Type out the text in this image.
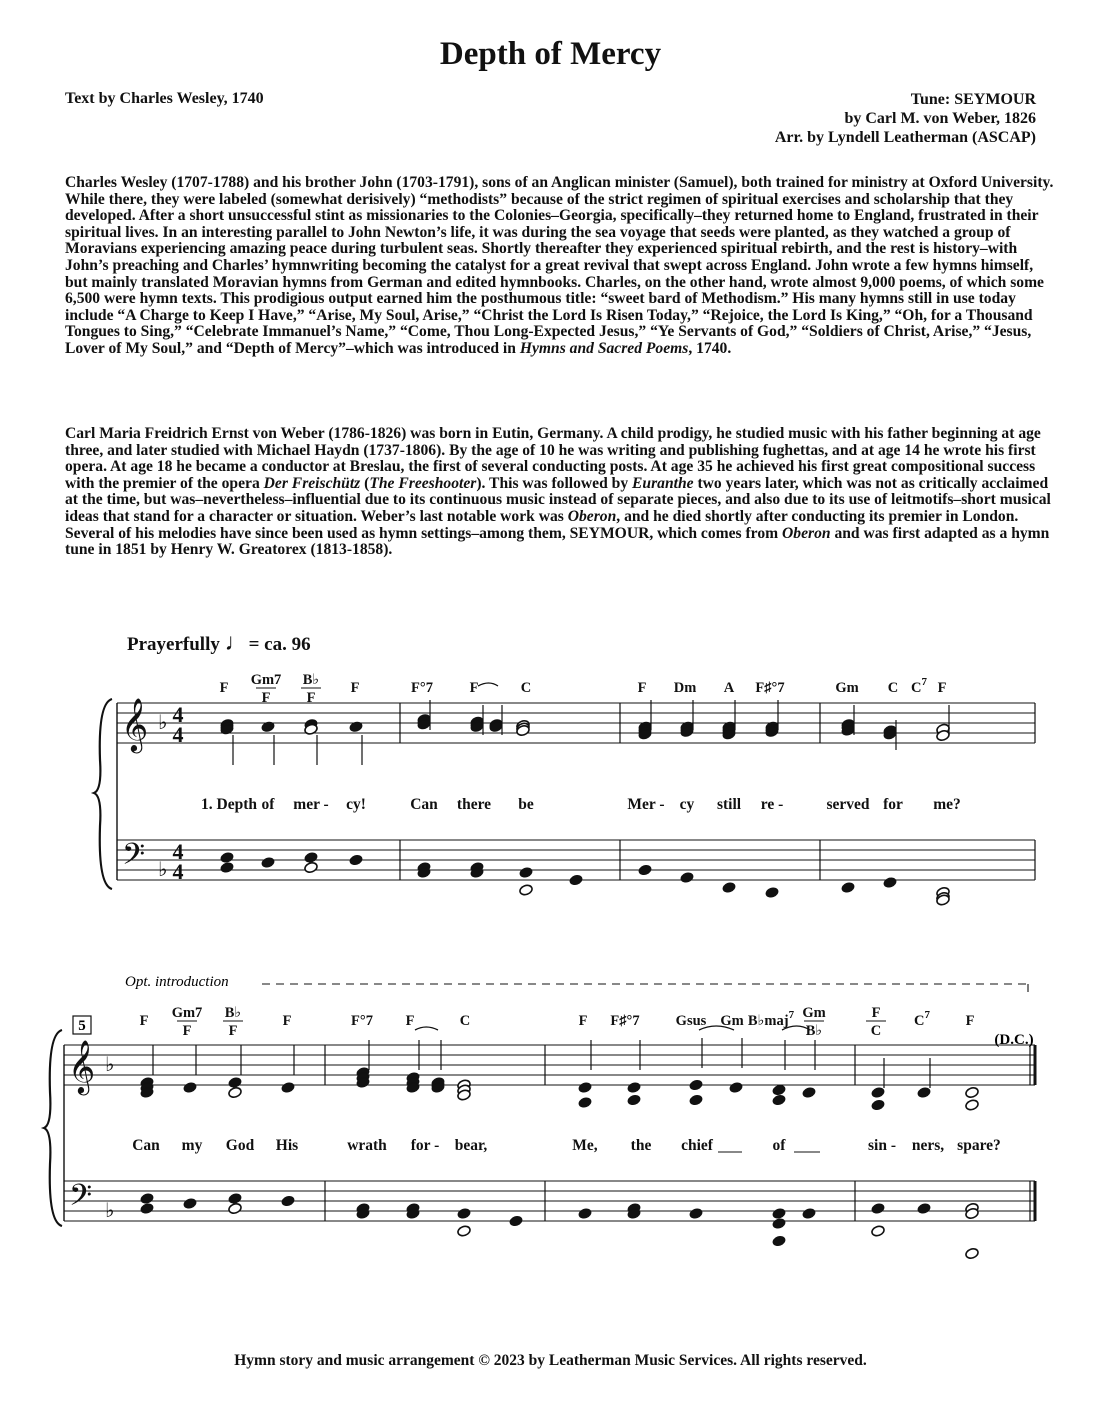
Depth of Mercy
Text by Charles Wesley, 1740	Tune: SEYMOUR
by Carl M. von Weber, 1826
Arr. by Lyndell Leatherman (ASCAP)

Charles Wesley (1707-1788) and his brother John (1703-1791), sons of an Anglican minister (Samuel), both trained for ministry at Oxford University. While there, they were labeled (somewhat derisively) “methodists” because of the strict regimen of spiritual exercises and scholarship that they developed. After a short unsuccessful stint as missionaries to the Colonies–Georgia, specifically–they returned home to England, frustrated in their spiritual lives. In an interesting parallel to John Newton’s life, it was during the sea voyage that seeds were planted, as they watched a group of Moravians experiencing amazing peace during turbulent seas. Shortly thereafter they experienced spiritual rebirth, and the rest is history–with John’s preaching and Charles’ hymnwriting becoming the catalyst for a great revival that swept across England. John wrote a few hymns himself, but mainly translated Moravian hymns from German and edited hymnbooks. Charles, on the other hand, wrote almost 9,000 poems, of which some 6,500 were hymn texts. This prodigious output earned him the posthumous title: “sweet bard of Methodism.” His many hymns still in use today include “A Charge to Keep I Have,” “Arise, My Soul, Arise,” “Christ the Lord Is Risen Today,” “Rejoice, the Lord Is King,” “Oh, for a Thousand Tongues to Sing,” “Celebrate Immanuel’s Name,” “Come, Thou Long-Expected Jesus,” “Ye Servants of God,” “Soldiers of Christ, Arise,” “Jesus, Lover of My Soul,” and “Depth of Mercy”–which was introduced in Hymns and Sacred Poems, 1740.

Carl Maria Freidrich Ernst von Weber (1786-1826) was born in Eutin, Germany. A child prodigy, he studied music with his father beginning at age three, and later studied with Michael Haydn (1737-1806). By the age of 10 he was writing and publishing fughettas, and at age 14 he wrote his first opera. At age 18 he became a conductor at Breslau, the first of several conducting posts. At age 35 he achieved his first great compositional success with the premier of the opera Der Freischütz (The Freeshooter). This was followed by Euranthe two years later, which was not as critically acclaimed at the time, but was–nevertheless–influential due to its continuous music instead of separate pieces, and also due to its use of leitmotifs–short musical ideas that stand for a character or situation. Weber’s last notable work was Oberon, and he died shortly after conducting its premier in London. Several of his melodies have since been used as hymn settings–among them, SEYMOUR, which comes from Oberon and was first adapted as a hymn tune in 1851 by Henry W. Greatorex (1813-1858).

Prayerfully ♩= ca. 96
𝄞
𝄢
♭
♭
4
4
4
4
F Gm7
F
B♭
F
F	F°7	F	C	F Dm A F♯°7	Gm C $C^7$ F
1. Depth of mer - cy!	Can there be	Mer - cy still re -	served for me?
𝄞
𝄢
♭
♭
F Gm7
F
B♭
F
F	F°7 F	C	F F♯°7 Gsus Gm B♭maj$^7$ Gm
B♭
F
C
$C^7$ F
Can my God His	wrath for - bear,	Me, the chief	of	sin - ners, spare?
5
Opt. introduction
(D.C.)
Hymn story and music arrangement © 2023 by Leatherman Music Services. All rights reserved.
